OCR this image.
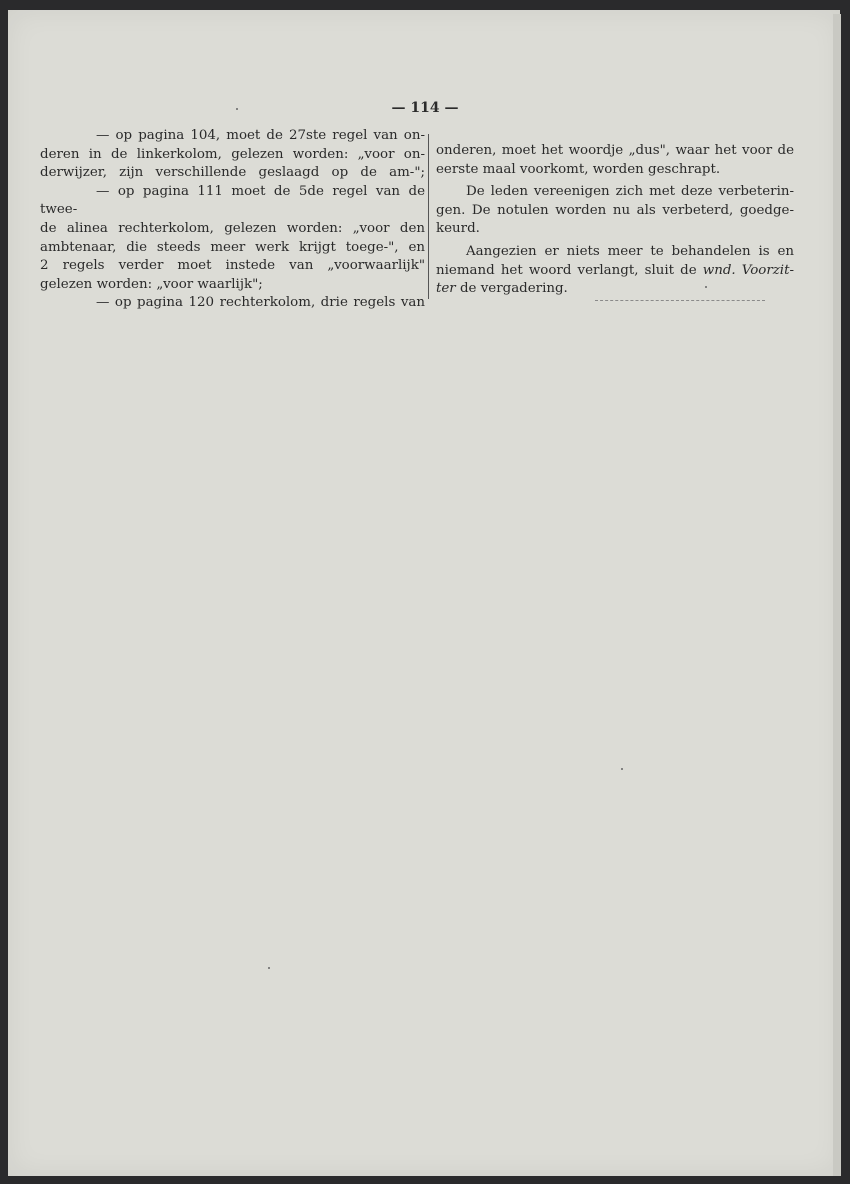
— 114 —
— op pagina 104, moet de 27ste regel van on-
deren in de linkerkolom, gelezen worden: „voor on-
derwijzer, zijn verschillende geslaagd op de am-";
— op pagina 111 moet de 5de regel van de twee-
de alinea rechterkolom, gelezen worden: „voor den
ambtenaar, die steeds meer werk krijgt toege-", en
2 regels verder moet instede van „voorwaarlijk"
gelezen worden: „voor waarlijk";
— op pagina 120 rechterkolom, drie regels van

onderen, moet het woordje „dus", waar het voor de
eerste maal voorkomt, worden geschrapt.

De leden vereenigen zich met deze verbeterin-
gen. De notulen worden nu als verbeterd, goedge-
keurd.

Aangezien er niets meer te behandelen is en
niemand het woord verlangt, sluit de wnd. Voorzit-
ter de vergadering.
